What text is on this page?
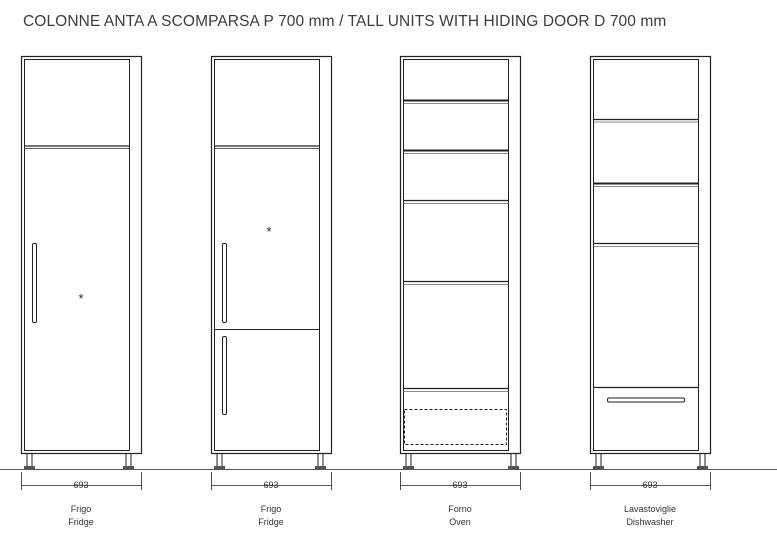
COLONNE ANTA A SCOMPARSA P 700 mm / TALL UNITS WITH HIDING DOOR D 700 mm
*
*
693	693	693	693
Frigo
Fridge
Frigo
Fridge
Forno
Oven
Lavastoviglie
Dishwasher
